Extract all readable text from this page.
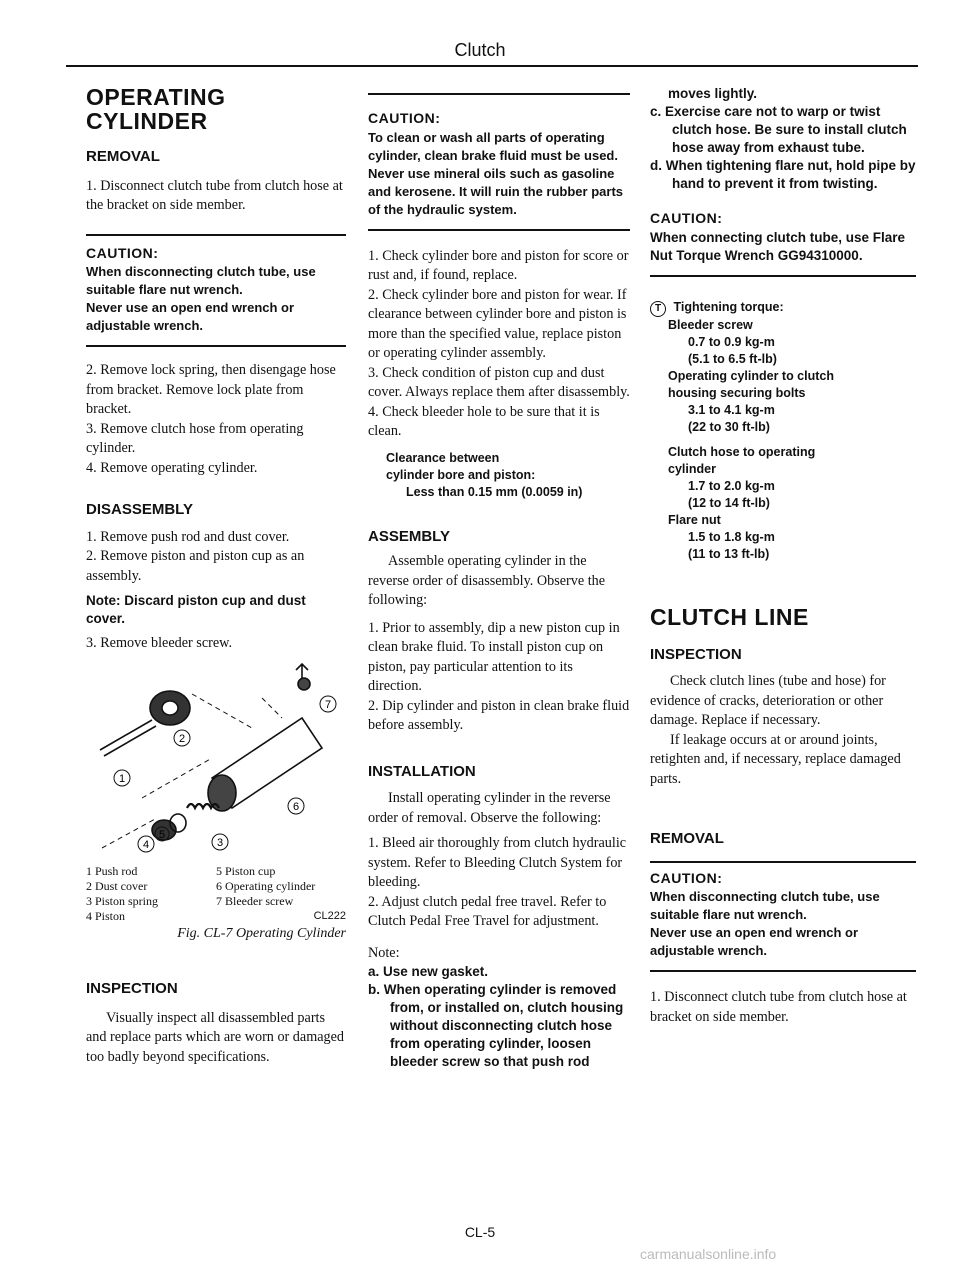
Clutch
OPERATING CYLINDER
REMOVAL

1. Disconnect clutch tube from clutch hose at the bracket on side member.

CAUTION:

When disconnecting clutch tube, use suitable flare nut wrench.

Never use an open end wrench or adjustable wrench.

2. Remove lock spring, then disengage hose from bracket. Remove lock plate from bracket.

3. Remove clutch hose from operating cylinder.

4. Remove operating cylinder.

DISASSEMBLY

1. Remove push rod and dust cover.

2. Remove piston and piston cup as an assembly.

Note: Discard piston cup and dust cover.

3. Remove bleeder screw.

1
2
3
4
5
6
7

1 Push rod

2 Dust cover

3 Piston spring

4 Piston

5 Piston cup

6 Operating cylinder

7 Bleeder screw

CL222

Fig. CL-7 Operating Cylinder

INSPECTION

Visually inspect all disassembled parts and replace parts which are worn or damaged too badly beyond specifications.

CAUTION:

To clean or wash all parts of operating cylinder, clean brake fluid must be used.

Never use mineral oils such as gasoline and kerosene. It will ruin the rubber parts of the hydraulic system.

1. Check cylinder bore and piston for score or rust and, if found, replace.

2. Check cylinder bore and piston for wear. If clearance between cylinder bore and piston is more than the specified value, replace piston or operating cylinder assembly.

3. Check condition of piston cup and dust cover. Always replace them after disassembly.

4. Check bleeder hole to be sure that it is clean.

Clearance between cylinder bore and piston:

Less than 0.15 mm (0.0059 in)

ASSEMBLY

Assemble operating cylinder in the reverse order of disassembly. Observe the following:

1. Prior to assembly, dip a new piston cup in clean brake fluid. To install piston cup on piston, pay particular attention to its direction.

2. Dip cylinder and piston in clean brake fluid before assembly.

INSTALLATION

Install operating cylinder in the reverse order of removal. Observe the following:

1. Bleed air thoroughly from clutch hydraulic system. Refer to Bleeding Clutch System for bleeding.

2. Adjust clutch pedal free travel. Refer to Clutch Pedal Free Travel for adjustment.

Note:

a. Use new gasket.

b. When operating cylinder is removed from, or installed on, clutch housing without disconnecting clutch hose from operating cylinder, loosen bleeder screw so that push rod

moves lightly.

c. Exercise care not to warp or twist clutch hose. Be sure to install clutch hose away from exhaust tube.

d. When tightening flare nut, hold pipe by hand to prevent it from twisting.

CAUTION:

When connecting clutch tube, use Flare Nut Torque Wrench GG94310000.

T Tightening torque:

Bleeder screw

0.7 to 0.9 kg-m

(5.1 to 6.5 ft-lb)

Operating cylinder to clutch housing securing bolts

3.1 to 4.1 kg-m

(22 to 30 ft-lb)

Clutch hose to operating cylinder

1.7 to 2.0 kg-m

(12 to 14 ft-lb)

Flare nut

1.5 to 1.8 kg-m

(11 to 13 ft-lb)

CLUTCH LINE
INSPECTION

Check clutch lines (tube and hose) for evidence of cracks, deterioration or other damage. Replace if necessary.

If leakage occurs at or around joints, retighten and, if necessary, replace damaged parts.

REMOVAL

CAUTION:

When disconnecting clutch tube, use suitable flare nut wrench.

Never use an open end wrench or adjustable wrench.

1. Disconnect clutch tube from clutch hose at bracket on side member.

CL-5
carmanualsonline.info
